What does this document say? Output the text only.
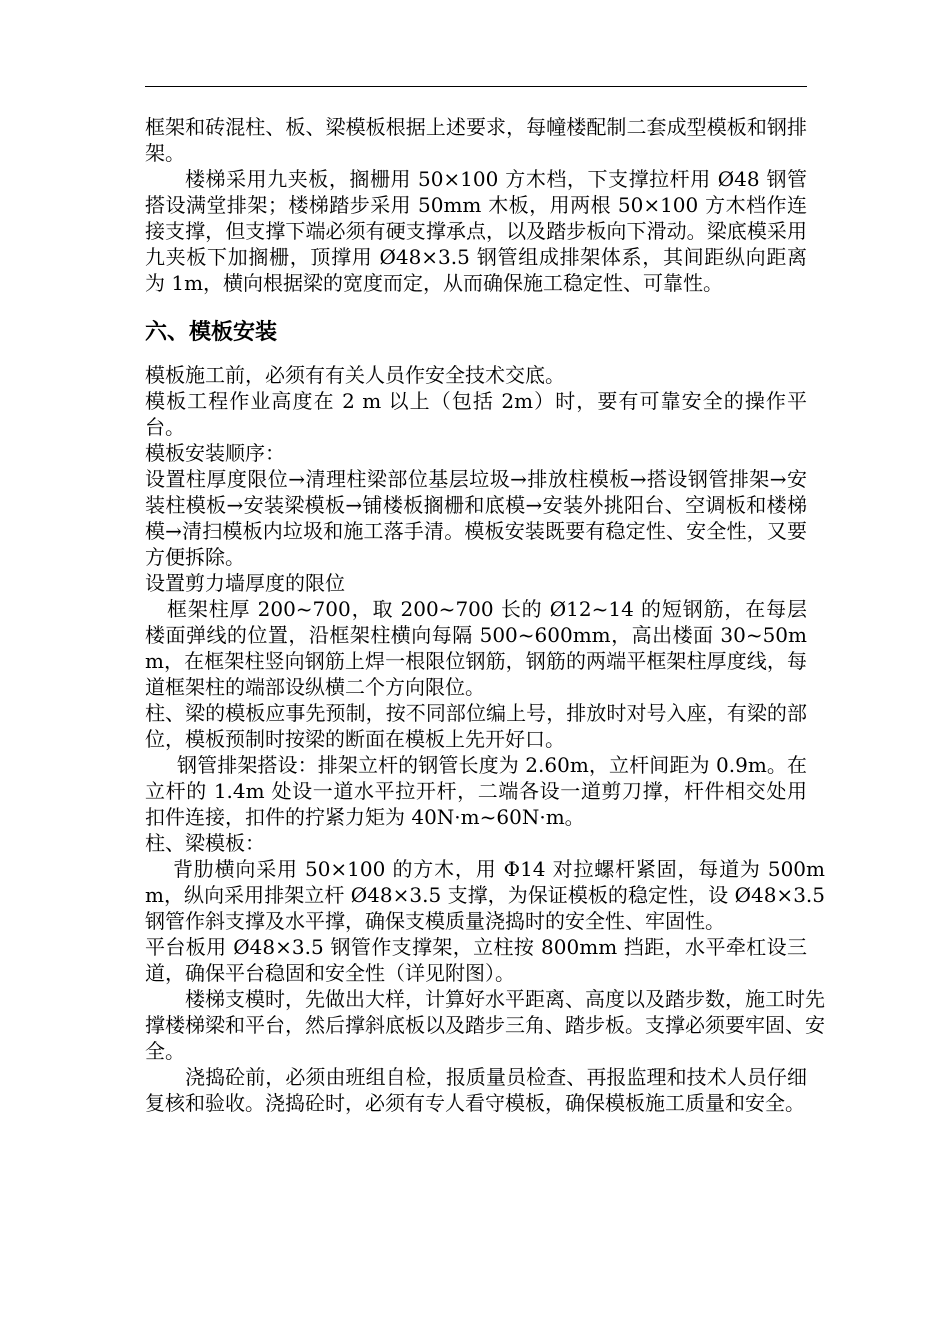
框架和砖混柱、板、梁模板根据上述要求，每幢楼配制二套成型模板和钢排架。

楼梯采用九夹板，搁栅用 50×100 方木档，下支撑拉杆用 Ø48 钢管搭设满堂排架；楼梯踏步采用 50mm 木板，用两根 50×100 方木档作连接支撑，但支撑下端必须有硬支撑承点，以及踏步板向下滑动。梁底模采用九夹板下加搁栅，顶撑用 Ø48×3.5 钢管组成排架体系，其间距纵向距离为 1m，横向根据梁的宽度而定，从而确保施工稳定性、可靠性。

六、模板安装

模板施工前，必须有有关人员作安全技术交底。

模板工程作业高度在 2 m 以上（包括 2m）时，要有可靠安全的操作平台。

模板安装顺序：

设置柱厚度限位→清理柱梁部位基层垃圾→排放柱模板→搭设钢管排架→安装柱模板→安装梁模板→铺楼板搁栅和底模→安装外挑阳台、空调板和楼梯模→清扫模板内垃圾和施工落手清。模板安装既要有稳定性、安全性，又要方便拆除。

设置剪力墙厚度的限位

框架柱厚 200~700，取 200~700 长的 Ø12~14 的短钢筋，在每层楼面弹线的位置，沿框架柱横向每隔 500~600mm，高出楼面 30~50mm，在框架柱竖向钢筋上焊一根限位钢筋，钢筋的两端平框架柱厚度线，每道框架柱的端部设纵横二个方向限位。

柱、梁的模板应事先预制，按不同部位编上号，排放时对号入座，有梁的部位，模板预制时按梁的断面在模板上先开好口。

钢管排架搭设：排架立杆的钢管长度为 2.60m，立杆间距为 0.9m。在立杆的 1.4m 处设一道水平拉开杆，二端各设一道剪刀撑，杆件相交处用扣件连接，扣件的拧紧力矩为 40N·m~60N·m。

柱、梁模板：

背肋横向采用 50×100 的方木，用 Φ14 对拉螺杆紧固，每道为 500mm，纵向采用排架立杆 Ø48×3.5 支撑，为保证模板的稳定性，设 Ø48×3.5 钢管作斜支撑及水平撑，确保支模质量浇捣时的安全性、牢固性。

平台板用 Ø48×3.5 钢管作支撑架，立柱按 800mm 挡距，水平牵杠设三道，确保平台稳固和安全性（详见附图）。

楼梯支模时，先做出大样，计算好水平距离、高度以及踏步数，施工时先撑楼梯梁和平台，然后撑斜底板以及踏步三角、踏步板。支撑必须要牢固、安全。

浇捣砼前，必须由班组自检，报质量员检查、再报监理和技术人员仔细复核和验收。浇捣砼时，必须有专人看守模板，确保模板施工质量和安全。
